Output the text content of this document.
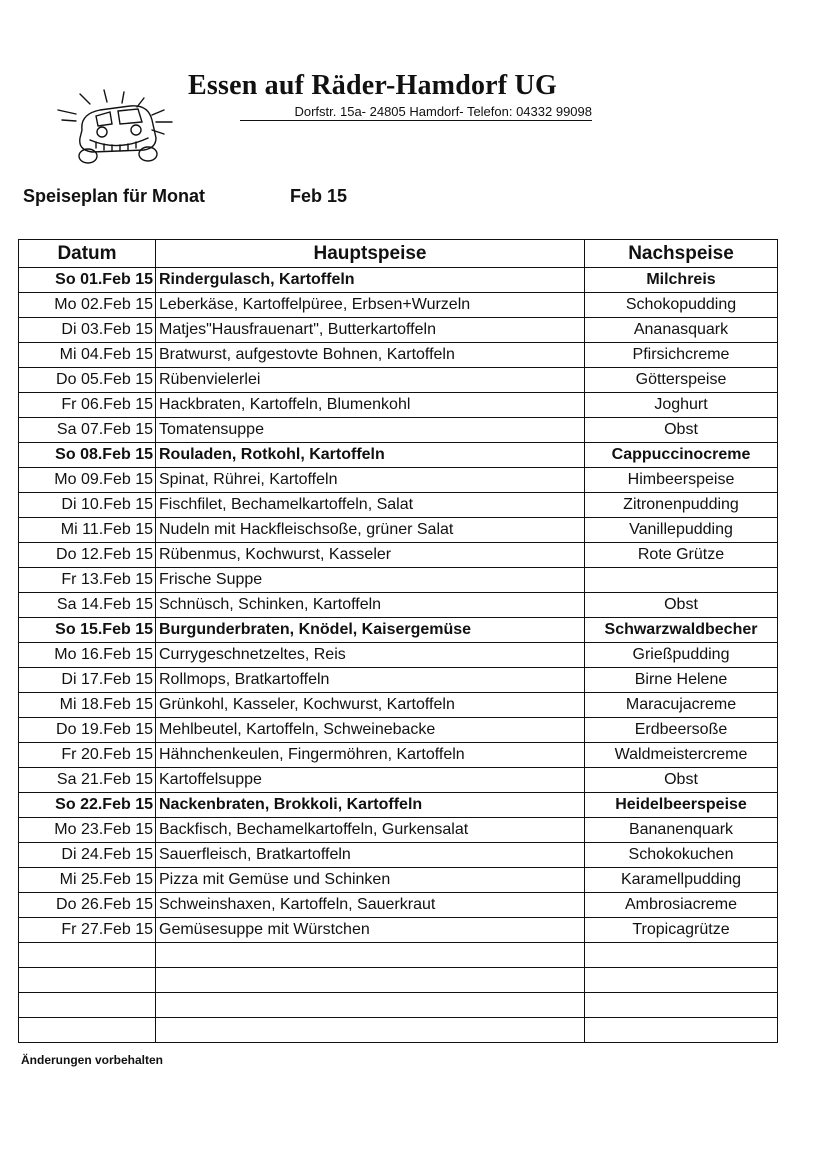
Essen auf Räder-Hamdorf UG
Dorfstr. 15a- 24805 Hamdorf- Telefon: 04332 99098
Speiseplan für Monat	Feb 15
Datum	Hauptspeise	Nachspeise
So 01.Feb 15	Rindergulasch, Kartoffeln	Milchreis
Mo 02.Feb 15	Leberkäse, Kartoffelpüree, Erbsen+Wurzeln	Schokopudding
Di 03.Feb 15	Matjes"Hausfrauenart", Butterkartoffeln	Ananasquark
Mi 04.Feb 15	Bratwurst, aufgestovte Bohnen, Kartoffeln	Pfirsichcreme
Do 05.Feb 15	Rübenvielerlei	Götterspeise
Fr 06.Feb 15	Hackbraten, Kartoffeln, Blumenkohl	Joghurt
Sa 07.Feb 15	Tomatensuppe	Obst
So 08.Feb 15	Rouladen, Rotkohl, Kartoffeln	Cappuccinocreme
Mo 09.Feb 15	Spinat, Rührei, Kartoffeln	Himbeerspeise
Di 10.Feb 15	Fischfilet, Bechamelkartoffeln, Salat	Zitronenpudding
Mi 11.Feb 15	Nudeln mit Hackfleischsoße, grüner Salat	Vanillepudding
Do 12.Feb 15	Rübenmus, Kochwurst, Kasseler	Rote Grütze
Fr 13.Feb 15	Frische Suppe	
Sa 14.Feb 15	Schnüsch, Schinken, Kartoffeln	Obst
So 15.Feb 15	Burgunderbraten, Knödel, Kaisergemüse	Schwarzwaldbecher
Mo 16.Feb 15	Currygeschnetzeltes, Reis	Grießpudding
Di 17.Feb 15	Rollmops, Bratkartoffeln	Birne Helene
Mi 18.Feb 15	Grünkohl, Kasseler, Kochwurst, Kartoffeln	Maracujacreme
Do 19.Feb 15	Mehlbeutel, Kartoffeln, Schweinebacke	Erdbeersoße
Fr 20.Feb 15	Hähnchenkeulen, Fingermöhren, Kartoffeln	Waldmeistercreme
Sa 21.Feb 15	Kartoffelsuppe	Obst
So 22.Feb 15	Nackenbraten, Brokkoli, Kartoffeln	Heidelbeerspeise
Mo 23.Feb 15	Backfisch, Bechamelkartoffeln, Gurkensalat	Bananenquark
Di 24.Feb 15	Sauerfleisch, Bratkartoffeln	Schokokuchen
Mi 25.Feb 15	Pizza mit Gemüse und Schinken	Karamellpudding
Do 26.Feb 15	Schweinshaxen, Kartoffeln, Sauerkraut	Ambrosiacreme
Fr 27.Feb 15	Gemüsesuppe mit Würstchen	Tropicagrütze

Änderungen vorbehalten
